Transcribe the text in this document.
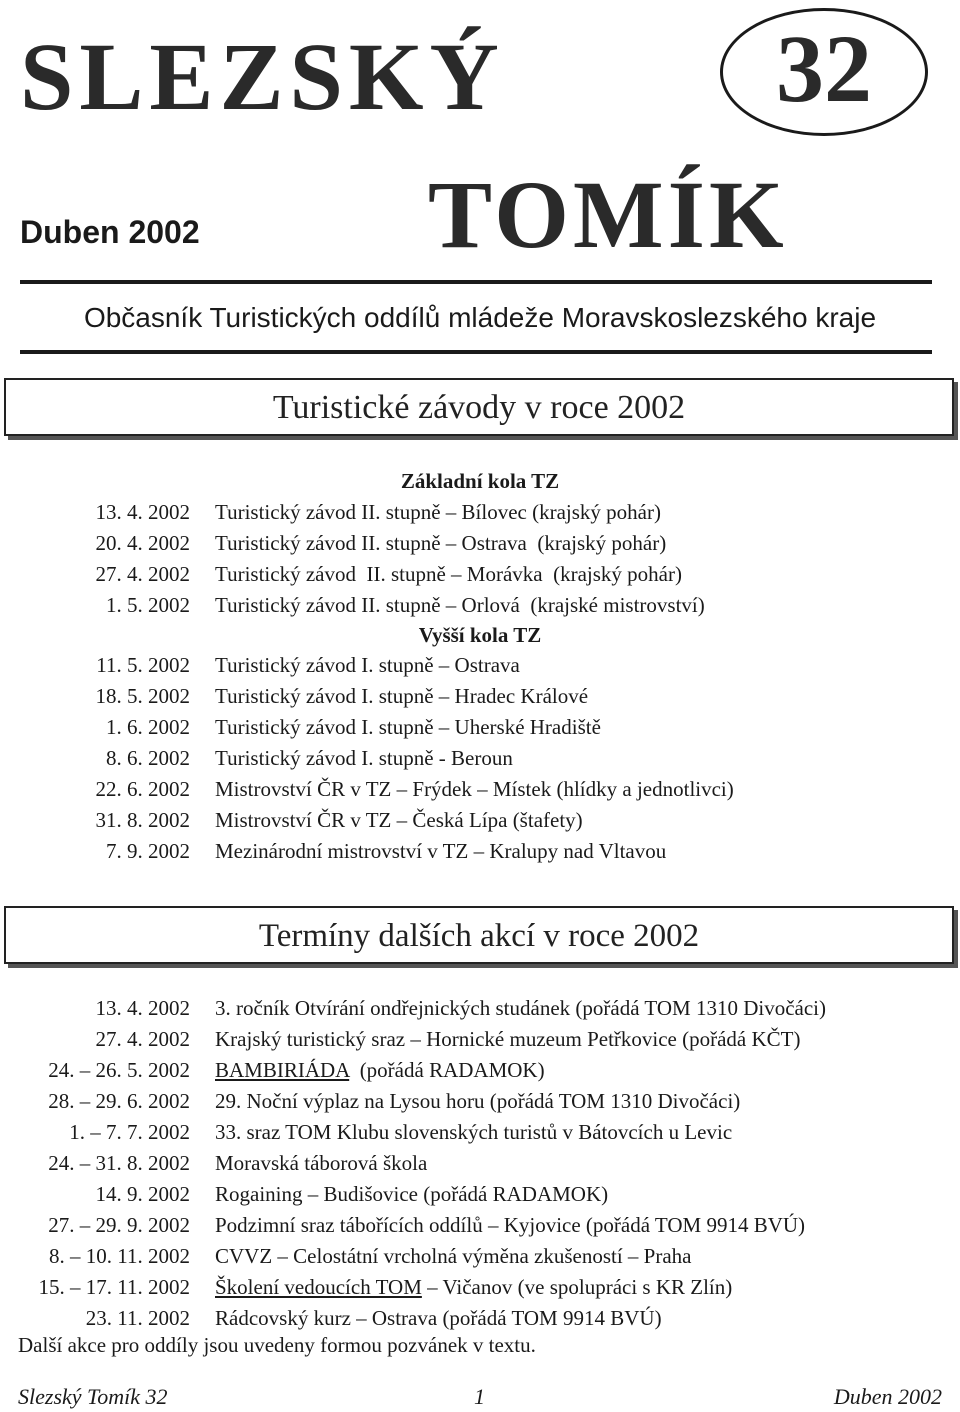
SLEZSKÝ	32
Duben 2002 TOMÍK
Občasník Turistických oddílů mládeže Moravskoslezského kraje
Turistické závody v roce 2002
Základní kola TZ
13. 4. 2002 Turistický závod II. stupně – Bílovec (krajský pohár)
20. 4. 2002 Turistický závod II. stupně – Ostrava  (krajský pohár)
27. 4. 2002 Turistický závod  II. stupně – Morávka  (krajský pohár)
1. 5. 2002 Turistický závod II. stupně – Orlová  (krajské mistrovství)
Vyšší kola TZ
11. 5. 2002 Turistický závod I. stupně – Ostrava
18. 5. 2002 Turistický závod I. stupně – Hradec Králové
1. 6. 2002 Turistický závod I. stupně – Uherské Hradiště
8. 6. 2002 Turistický závod I. stupně - Beroun
22. 6. 2002 Mistrovství ČR v TZ – Frýdek – Místek (hlídky a jednotlivci)
31. 8. 2002 Mistrovství ČR v TZ – Česká Lípa (štafety)
7. 9. 2002 Mezinárodní mistrovství v TZ – Kralupy nad Vltavou
Termíny dalších akcí v roce 2002
13. 4. 2002 3. ročník Otvírání ondřejnických studánek (pořádá TOM 1310 Divočáci)
27. 4. 2002 Krajský turistický sraz – Hornické muzeum Petřkovice (pořádá KČT)
24. – 26. 5. 2002 BAMBIRIÁDA  (pořádá RADAMOK)
28. – 29. 6. 2002 29. Noční výplaz na Lysou horu (pořádá TOM 1310 Divočáci)
1. – 7. 7. 2002 33. sraz TOM Klubu slovenských turistů v Bátovcích u Levic
24. – 31. 8. 2002 Moravská táborová škola
14. 9. 2002 Rogaining – Budišovice (pořádá RADAMOK)
27. – 29. 9. 2002 Podzimní sraz tábořících oddílů – Kyjovice (pořádá TOM 9914 BVÚ)
8. – 10. 11. 2002 CVVZ – Celostátní vrcholná výměna zkušeností – Praha
15. – 17. 11. 2002 Školení vedoucích TOM – Vičanov (ve spolupráci s KR Zlín)
23. 11. 2002 Rádcovský kurz – Ostrava (pořádá TOM 9914 BVÚ)
Další akce pro oddíly jsou uvedeny formou pozvánek v textu.
Slezský Tomík 32	1	Duben 2002
